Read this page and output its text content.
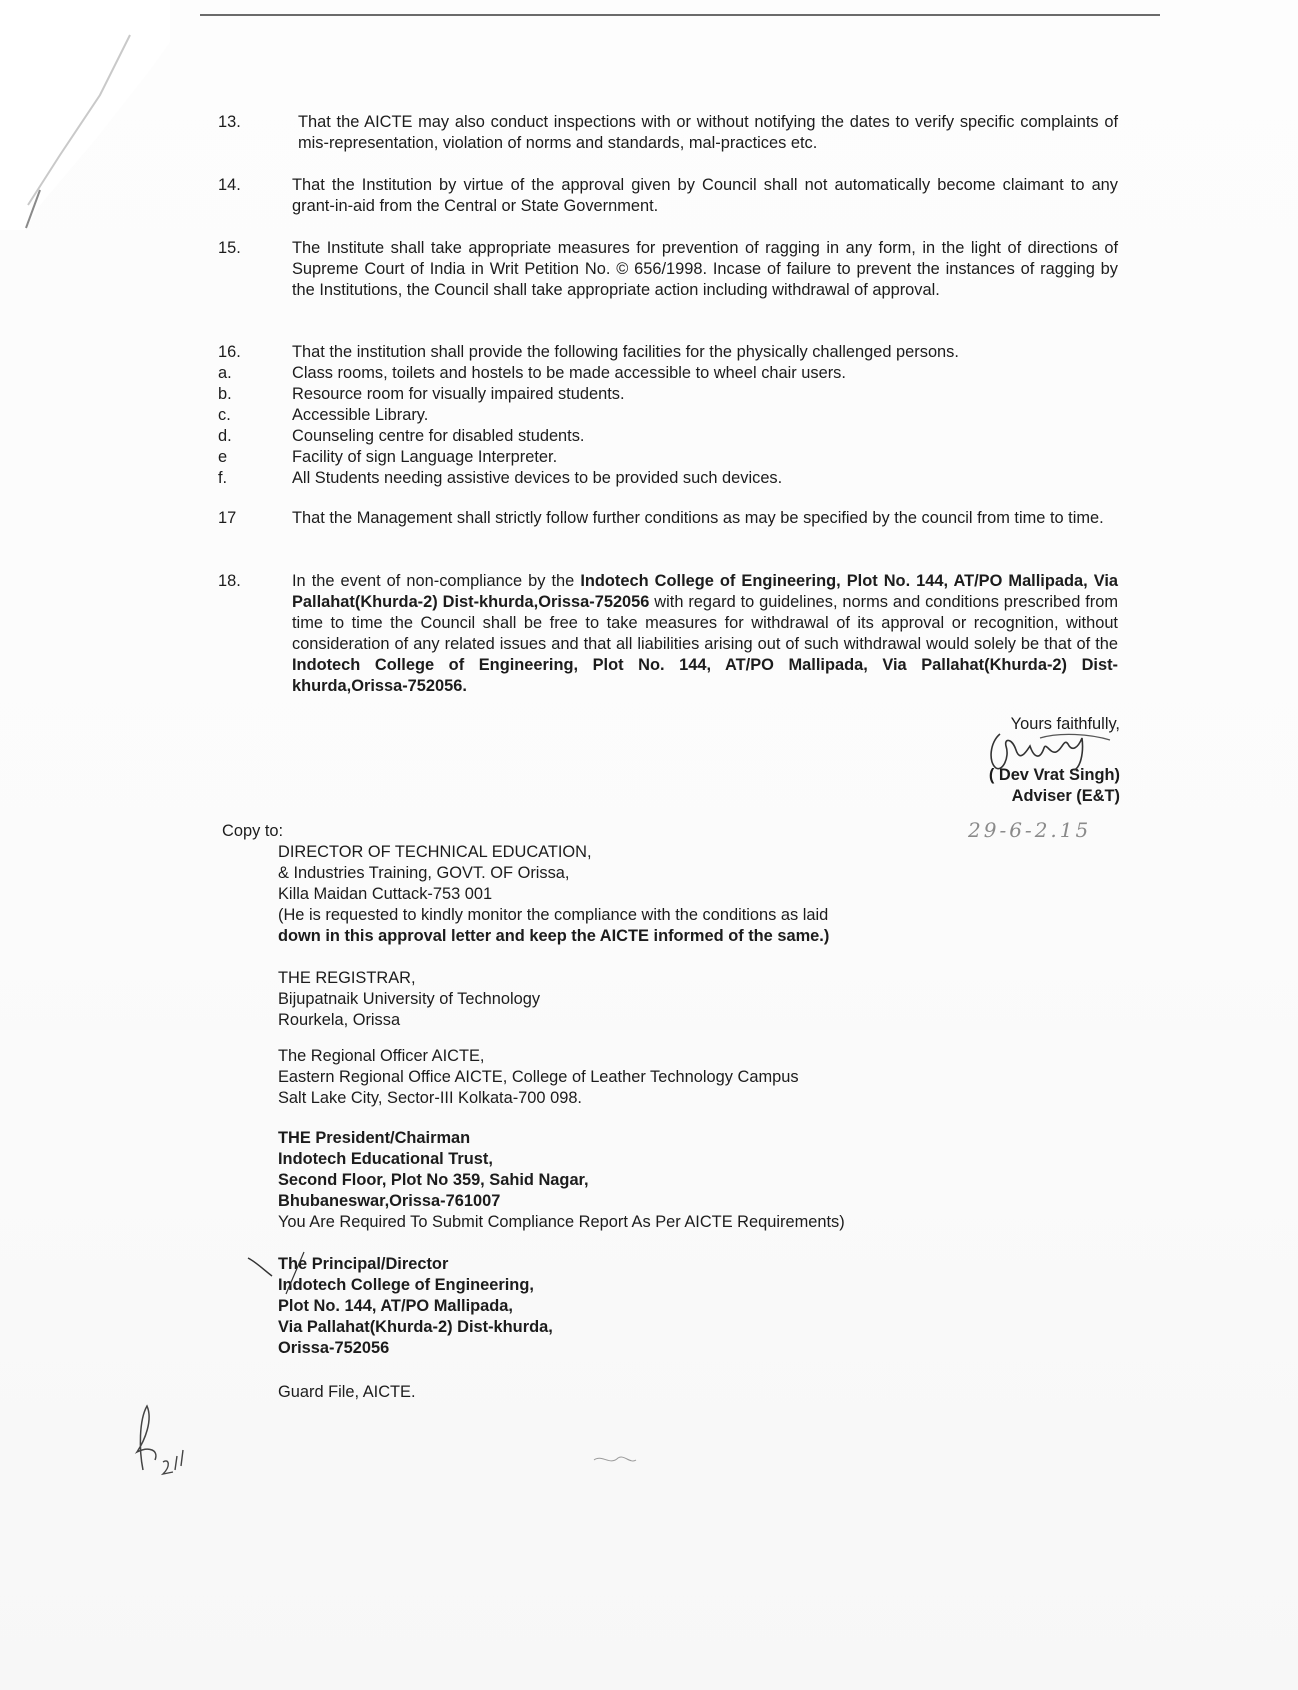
13.	That the AICTE may also conduct inspections with or without notifying the dates to verify specific complaints of mis-representation, violation of norms and standards, mal-practices etc.
14.	That the Institution by virtue of the approval given by Council shall not automatically become claimant to any grant-in-aid from the Central or State Government.
15.	The Institute shall take appropriate measures for prevention of ragging in any form, in the light of directions of Supreme Court of India in Writ Petition No. © 656/1998. Incase of failure to prevent the instances of ragging by the Institutions, the Council shall take appropriate action including withdrawal of approval.
16.	That the institution shall provide the following facilities for the physically challenged persons.
a.	Class rooms, toilets and hostels to be made accessible to wheel chair users.
b.	Resource room for visually impaired students.
c.	Accessible Library.
d.	Counseling centre for disabled students.
e	Facility of sign Language Interpreter.
f.	All Students needing assistive devices to be provided such devices.
17	That the Management shall strictly follow further conditions as may be specified by the council from time to time.
18.	In the event of non-compliance by the Indotech College of Engineering, Plot No. 144, AT/PO Mallipada, Via Pallahat(Khurda-2) Dist-khurda,Orissa-752056 with regard to guidelines, norms and conditions prescribed from time to time the Council shall be free to take measures for withdrawal of its approval or recognition, without consideration of any related issues and that all liabilities arising out of such withdrawal would solely be that of the Indotech College of Engineering, Plot No. 144, AT/PO Mallipada, Via Pallahat(Khurda-2) Dist-khurda,Orissa-752056.
Yours faithfully,
( Dev Vrat Singh)
Adviser (E&T)
29-6-2.15
Copy to:
DIRECTOR OF TECHNICAL EDUCATION,
& Industries Training, GOVT. OF Orissa,
Killa Maidan Cuttack-753 001
(He is requested to kindly monitor the compliance with the conditions as laid
down in this approval letter and keep the AICTE informed of the same.)
THE REGISTRAR,
Bijupatnaik University of Technology
Rourkela, Orissa
The Regional Officer AICTE,
Eastern Regional Office AICTE, College of Leather Technology Campus
Salt Lake City, Sector-III Kolkata-700 098.
THE President/Chairman
Indotech Educational Trust,
Second Floor, Plot No 359, Sahid Nagar,
Bhubaneswar,Orissa-761007
You Are Required To Submit Compliance Report As Per AICTE Requirements)
The Principal/Director
Indotech College of Engineering,
Plot No. 144, AT/PO Mallipada,
Via Pallahat(Khurda-2) Dist-khurda,
Orissa-752056
Guard File, AICTE.
